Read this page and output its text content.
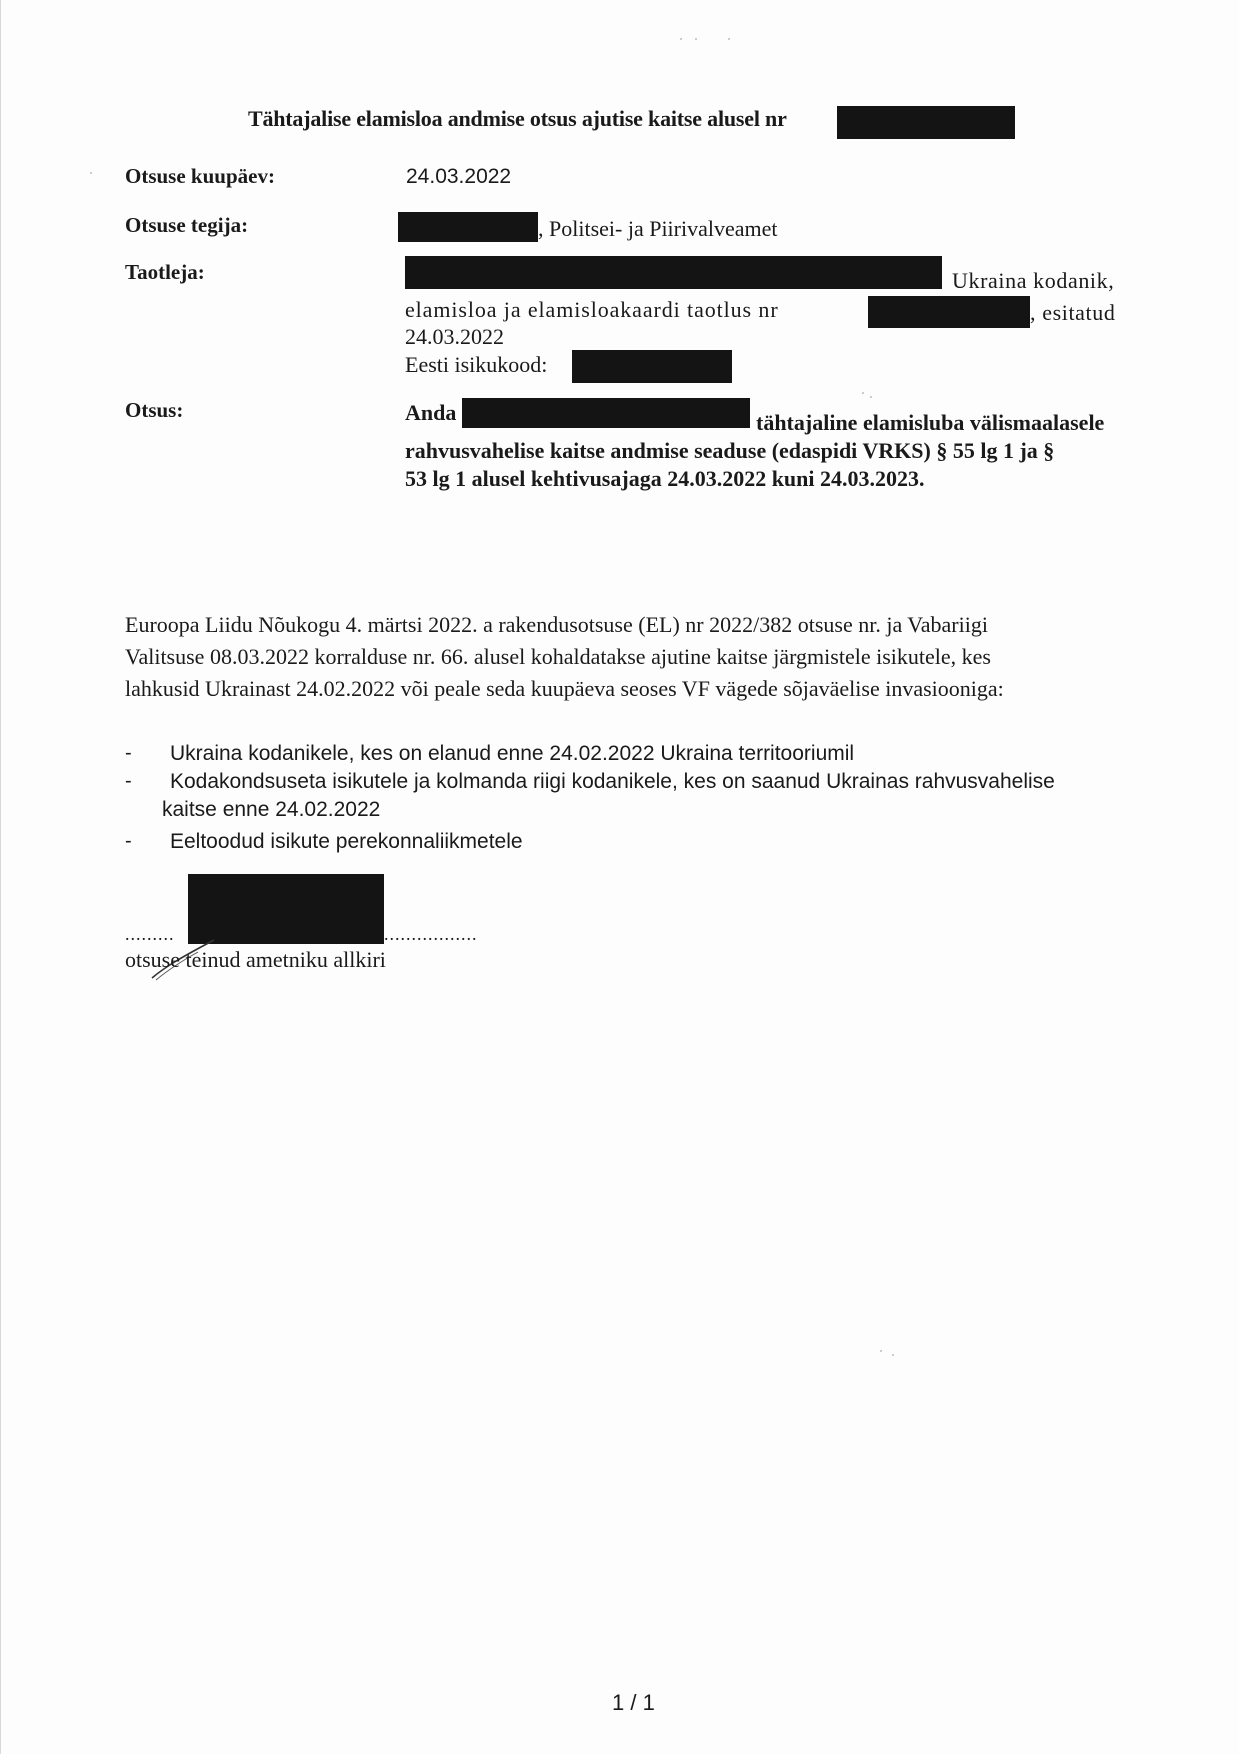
Tähtajalise elamisloa andmise otsus ajutise kaitse alusel nr
Otsuse kuupäev:	24.03.2022
Otsuse tegija:	, Politsei- ja Piirivalveamet
Taotleja:	Ukraina kodanik,
elamisloa ja elamisloakaardi taotlus nr	, esitatud
24.03.2022
Eesti isikukood:
Otsus:	Anda	tähtajaline elamisluba välismaalasele
rahvusvahelise kaitse andmise seaduse (edaspidi VRKS) § 55 lg 1 ja §
53 lg 1 alusel kehtivusajaga 24.03.2022 kuni 24.03.2023.
Euroopa Liidu Nõukogu 4. märtsi 2022. a rakendusotsuse (EL) nr 2022/382 otsuse nr. ja Vabariigi
Valitsuse 08.03.2022 korralduse nr. 66. alusel kohaldatakse ajutine kaitse järgmistele isikutele, kes
lahkusid Ukrainast 24.02.2022 või peale seda kuupäeva seoses VF vägede sõjaväelise invasiooniga:
- Ukraina kodanikele, kes on elanud enne 24.02.2022 Ukraina territooriumil
- Kodakondsuseta isikutele ja kolmanda riigi kodanikele, kes on saanud Ukrainas rahvusvahelise
kaitse enne 24.02.2022
- Eeltoodud isikute perekonnaliikmetele
.........	.................
otsuse teinud ametniku allkiri
1 / 1
